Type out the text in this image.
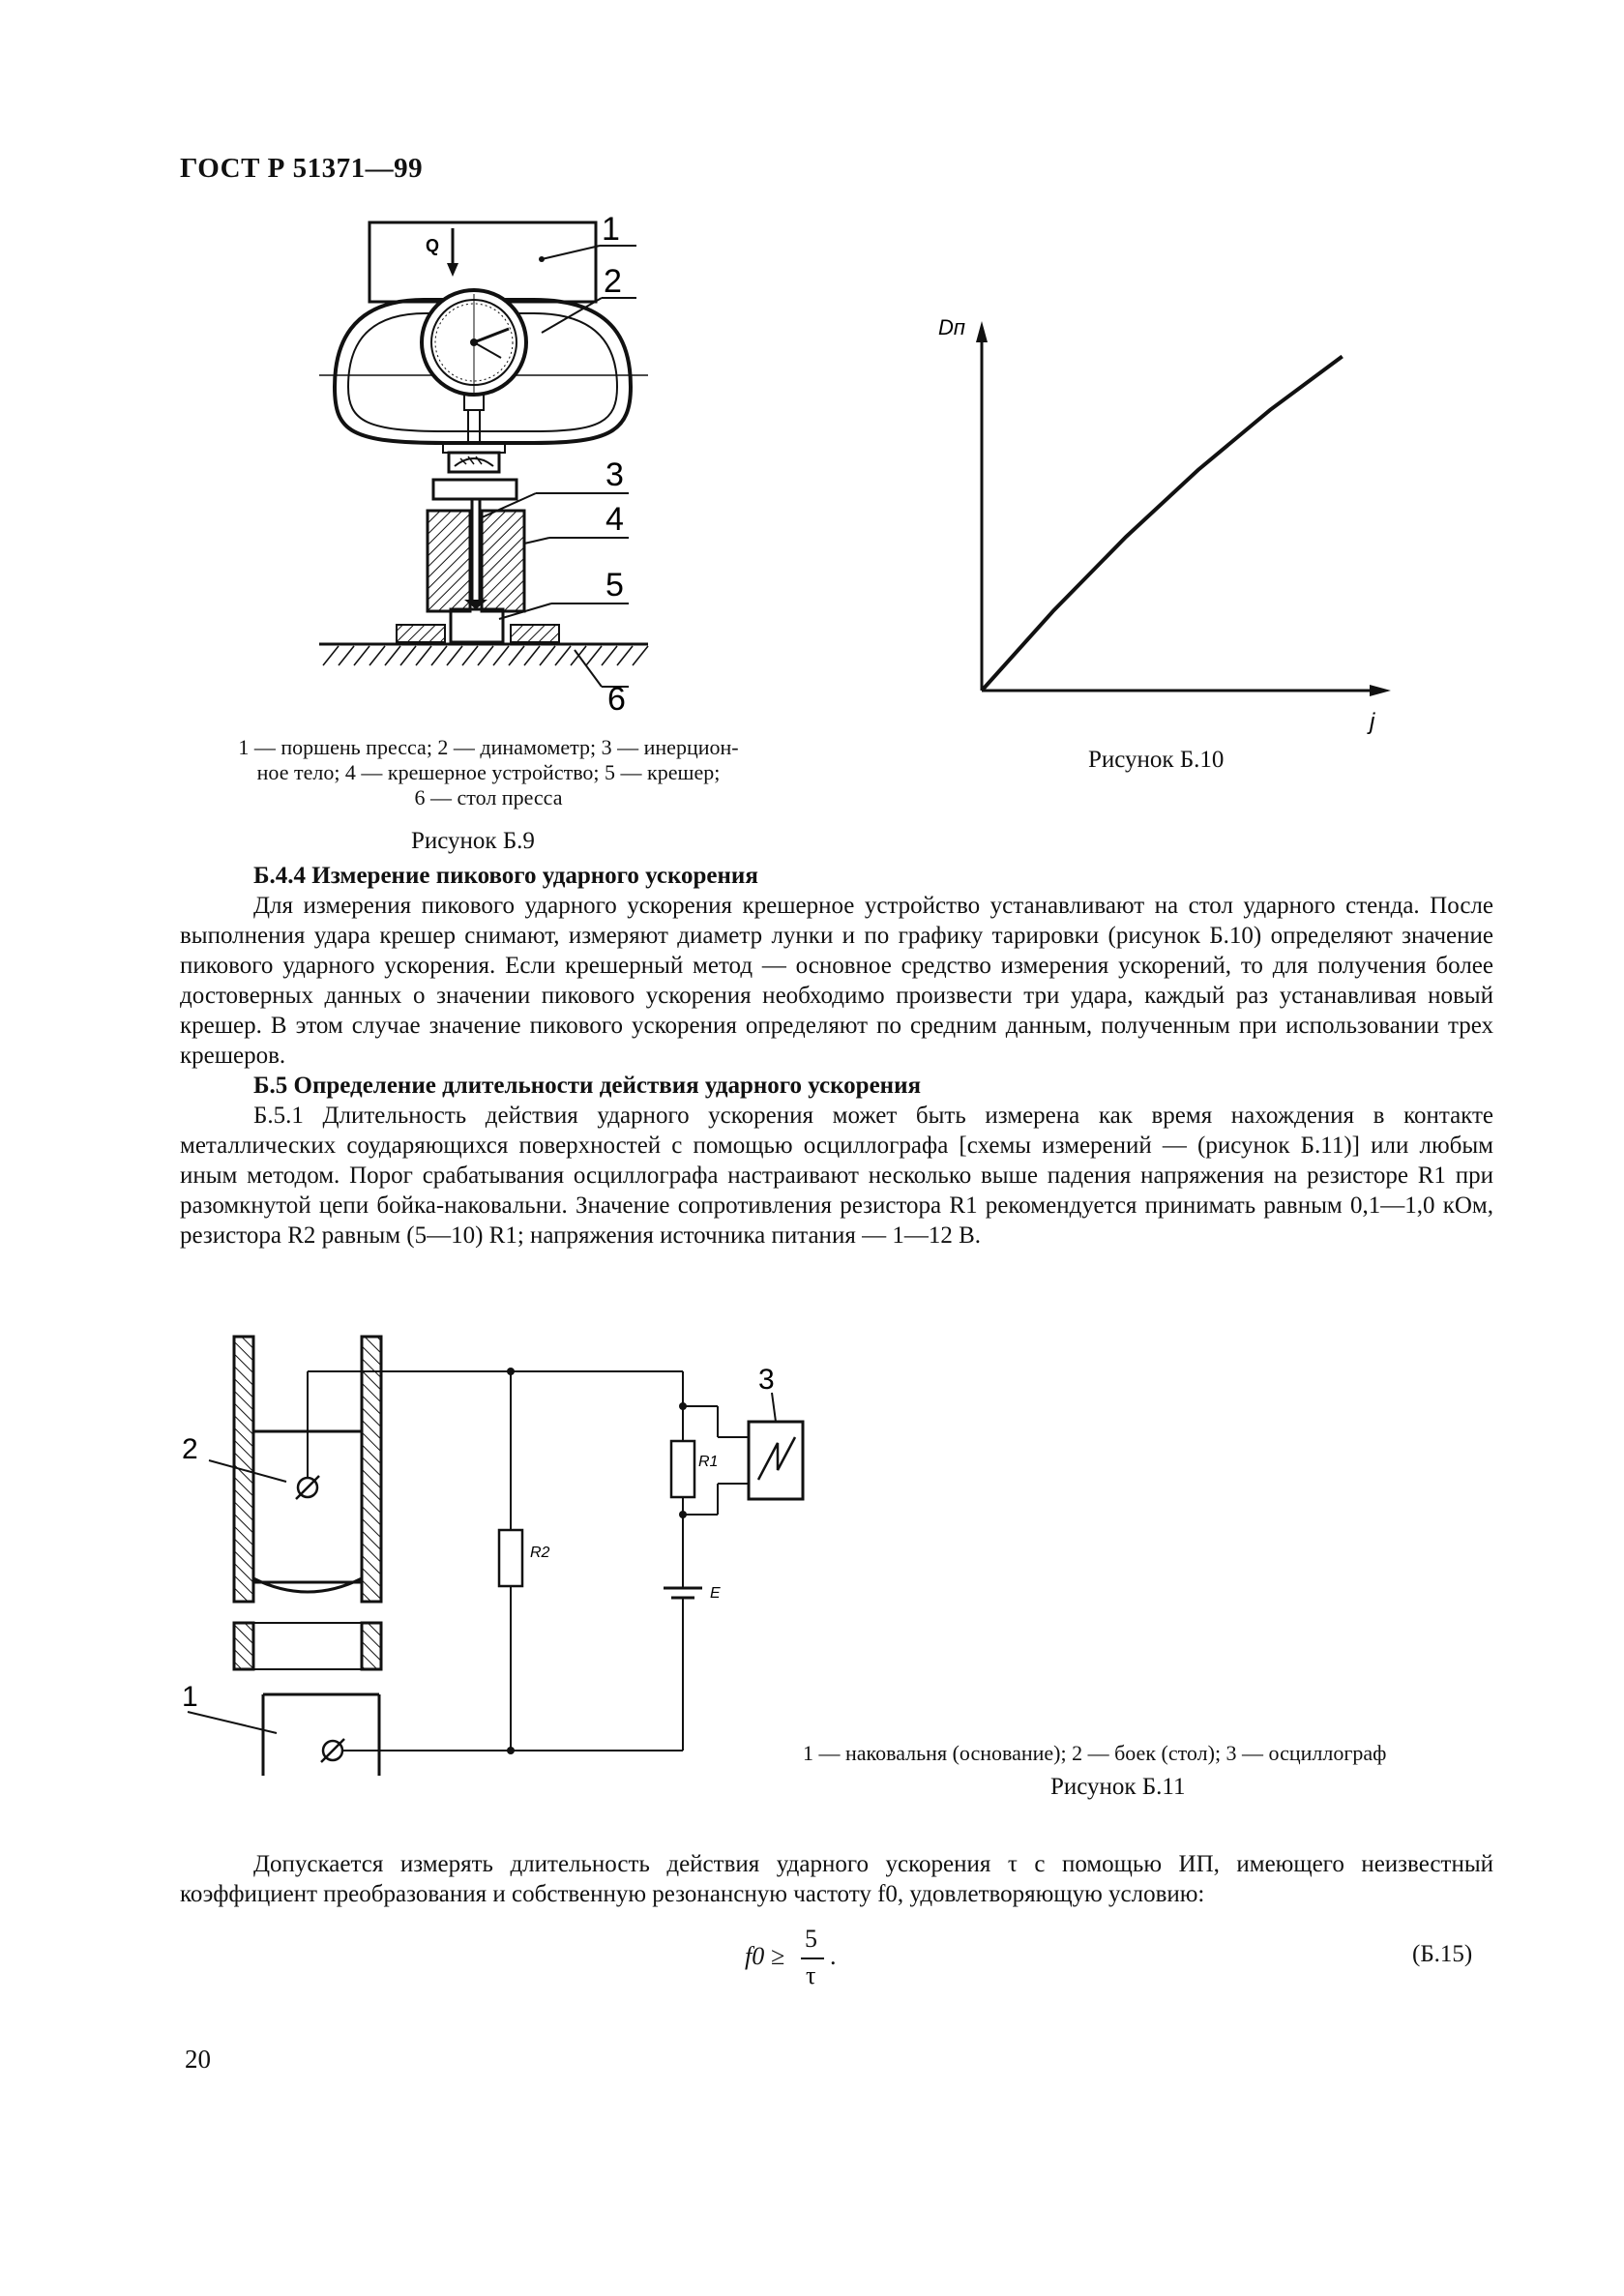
ГОСТ Р 51371—99
Q	1
2
3
4
5
6
1 — поршень пресса; 2 — динамометр; 3 — инерцион-
ное тело; 4 — крешерное устройство; 5 — крешер;
6 — стол пресса
Рисунок Б.9
Dп
j
Рисунок Б.10

Б.4.4 Измерение пикового ударного ускорения

Для измерения пикового ударного ускорения крешерное устройство устанавливают на стол ударного стенда. После выполнения удара крешер снимают, измеряют диаметр лунки и по графику тарировки (рисунок Б.10) определяют значение пикового ударного ускорения. Если крешерный метод — основное средство измерения ускорений, то для получения более достоверных данных о значении пикового ускорения необходимо произвести три удара, каждый раз устанавливая новый крешер. В этом случае значение пикового ускорения определяют по средним данным, полученным при использовании трех крешеров.

Б.5 Определение длительности действия ударного ускорения

Б.5.1 Длительность действия ударного ускорения может быть измерена как время нахождения в контакте металлических соударяющихся поверхностей с помощью осциллографа [схемы измерений — (рисунок Б.11)] или любым иным методом. Порог срабатывания осциллографа настраивают несколько выше падения напряжения на резисторе R1 при разомкнутой цепи бойка-наковальни. Значение сопротивления резистора R1 рекомендуется принимать равным 0,1—1,0 кОм, резистора R2 равным (5—10) R1; напряжения источника питания — 1—12 В.

2
1
R2
R1
3
E
1 — наковальня (основание); 2 — боек (стол); 3 — осциллограф
Рисунок Б.11

Допускается измерять длительность действия ударного ускорения τ с помощью ИП, имеющего неизвестный коэффициент преобразования и собственную резонансную частоту f0, удовлетворяющую условию:

f0 ≥
5
τ
.	(Б.15)
20
